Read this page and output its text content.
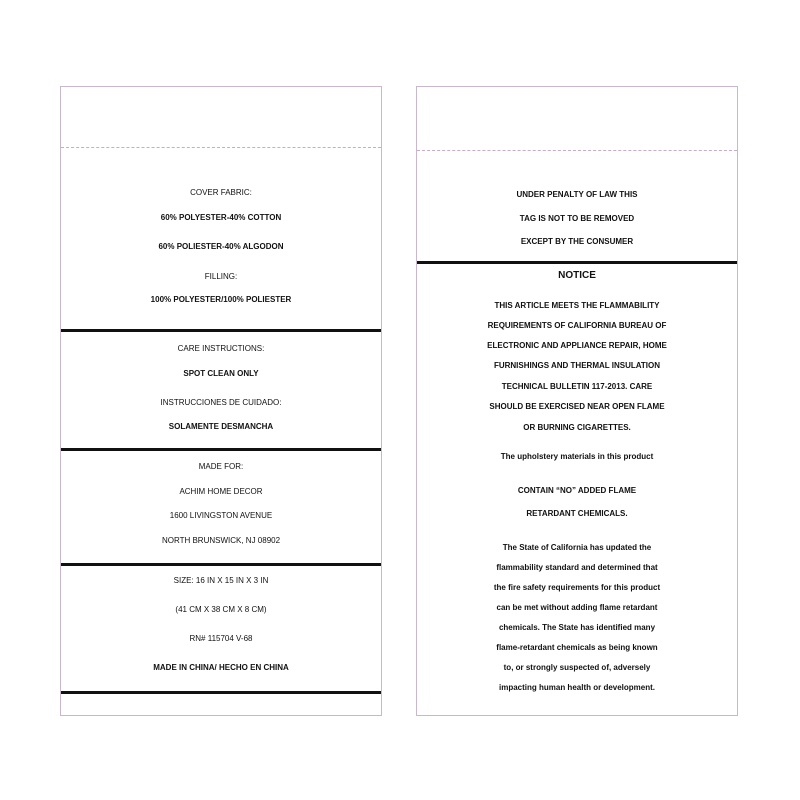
COVER FABRIC:
60% POLYESTER-40% COTTON
60% POLIESTER-40% ALGODON
FILLING:
100% POLYESTER/100% POLIESTER
CARE INSTRUCTIONS:
SPOT CLEAN ONLY
INSTRUCCIONES DE CUIDADO:
SOLAMENTE DESMANCHA
MADE FOR:
ACHIM HOME DECOR
1600 LIVINGSTON AVENUE
NORTH BRUNSWICK, NJ 08902
SIZE: 16 IN X 15 IN X 3 IN
(41 CM X 38 CM X 8 CM)
RN# 115704 V-68
MADE IN CHINA/ HECHO EN CHINA
UNDER PENALTY OF LAW THIS
TAG IS NOT TO BE REMOVED
EXCEPT BY THE CONSUMER
NOTICE
THIS ARTICLE MEETS THE FLAMMABILITY
REQUIREMENTS OF CALIFORNIA BUREAU OF
ELECTRONIC AND APPLIANCE REPAIR, HOME
FURNISHINGS AND THERMAL INSULATION
TECHNICAL BULLETIN 117-2013. CARE
SHOULD BE EXERCISED NEAR OPEN FLAME
OR BURNING CIGARETTES.
The upholstery materials in this product
CONTAIN “NO” ADDED FLAME
RETARDANT CHEMICALS.
The State of California has updated the
flammability standard and determined that
the fire safety requirements for this product
can be met without adding flame retardant
chemicals. The State has identified many
flame-retardant chemicals as being known
to, or strongly suspected of, adversely
impacting human health or development.
